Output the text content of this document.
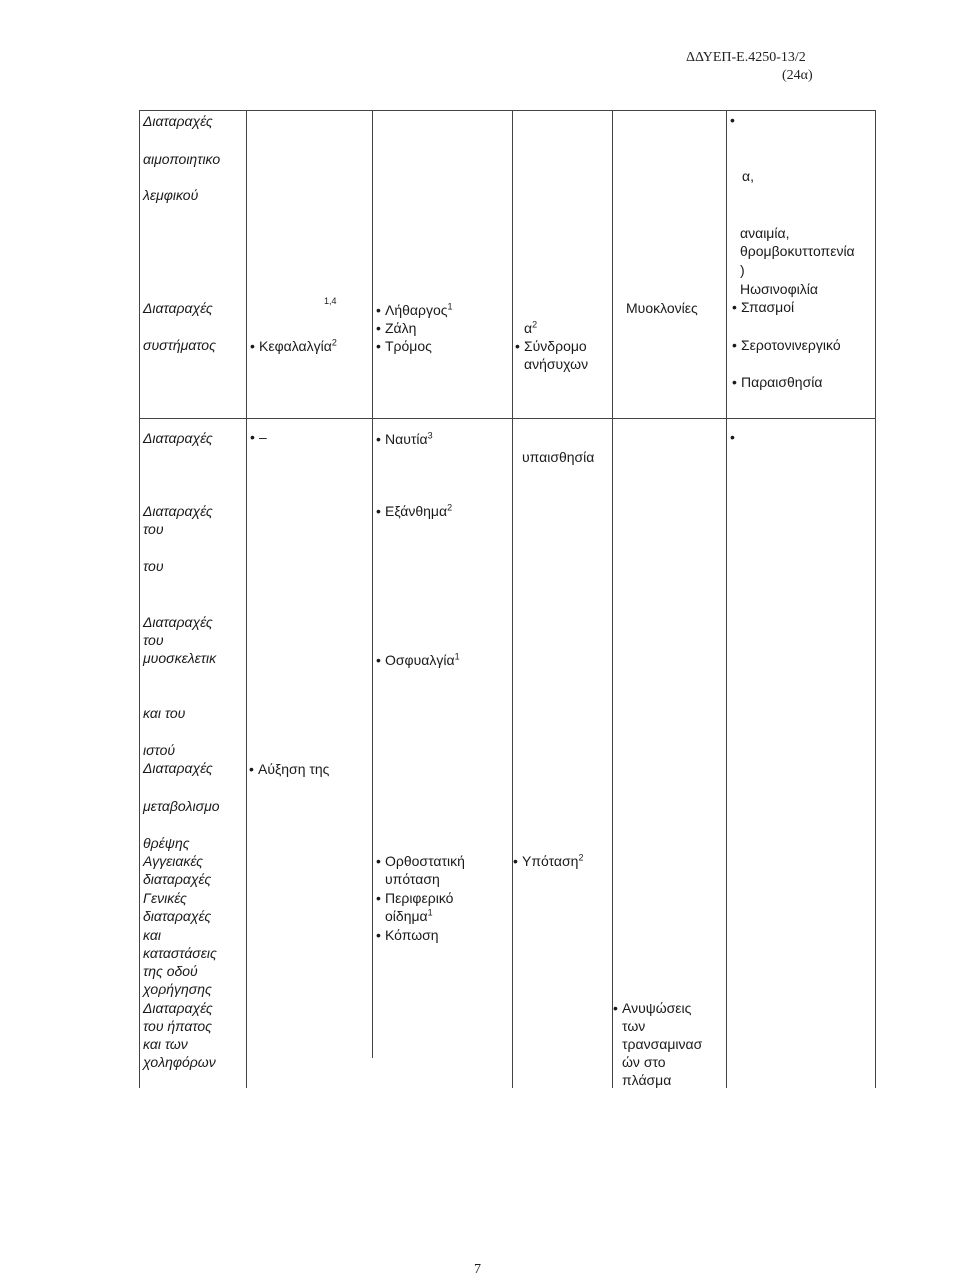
ΔΔΥΕΠ-Ε.4250-13/2
(24α)
Διαταραχές
αιμοποιητικο
λεμφικού
Διαταραχές
συστήματος
Διαταραχές
Διαταραχές
του
του
Διαταραχές
του
μυοσκελετικ
και του
ιστού
Διαταραχές
μεταβολισμο
θρέψης
Αγγειακές
διαταραχές
Γενικές
διαταραχές
και
καταστάσεις
της οδού
χορήγησης
Διαταραχές
του ήπατος
και των
χοληφόρων
1,4
• Κεφαλαλγία$^2$
• –
• Αύξηση της
• Λήθαργος$^1$
• Ζάλη
• Τρόμος
• Ναυτία$^3$
• Εξάνθημα$^2$
• Οσφυαλγία$^1$
• Ορθοστατική
υπόταση
• Περιφερικό
οίδημα$^1$
• Κόπωση
$\alpha^2$
• Σύνδρομο
ανήσυχων
υπαισθησία
• Υπόταση$^2$
Μυοκλονίες
• Ανυψώσεις
των
τρανσαμινασ
ών στο
πλάσμα
•
α,
αναιμία,
θρομβοκυττοπενία
)
Ηωσινοφιλία
• Σπασμοί
• Σεροτονινεργικό
• Παραισθησία
•
7
